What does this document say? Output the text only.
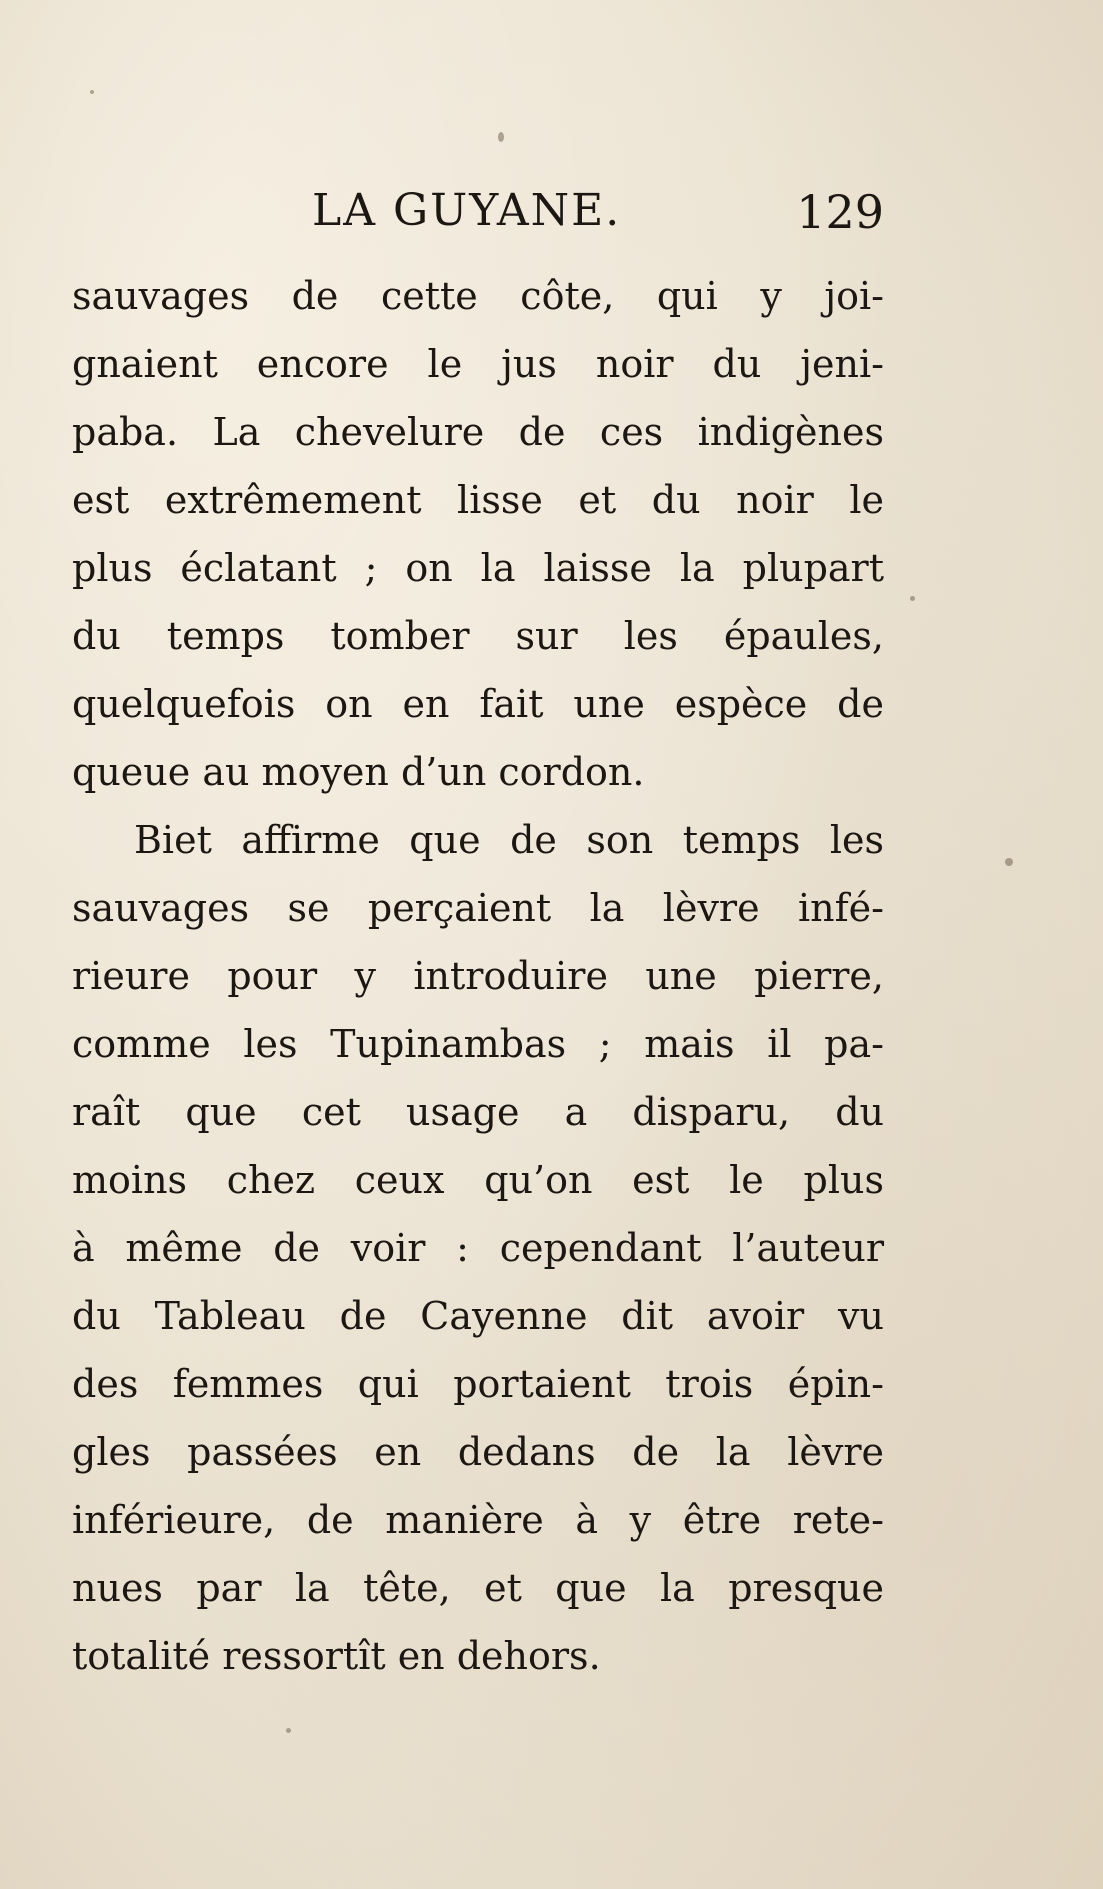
LA GUYANE.	129
sauvages de cette côte, qui y joi-
gnaient encore le jus noir du jeni-
paba. La chevelure de ces indigènes
est extrêmement lisse et du noir le
plus éclatant ; on la laisse la plupart
du temps tomber sur les épaules,
quelquefois on en fait une espèce de
queue au moyen d’un cordon.
Biet affirme que de son temps les
sauvages se perçaient la lèvre infé-
rieure pour y introduire une pierre,
comme les Tupinambas ; mais il pa-
raît que cet usage a disparu, du
moins chez ceux qu’on est le plus
à même de voir : cependant l’auteur
du Tableau de Cayenne dit avoir vu
des femmes qui portaient trois épin-
gles passées en dedans de la lèvre
inférieure, de manière à y être rete-
nues par la tête, et que la presque
totalité ressortît en dehors.
